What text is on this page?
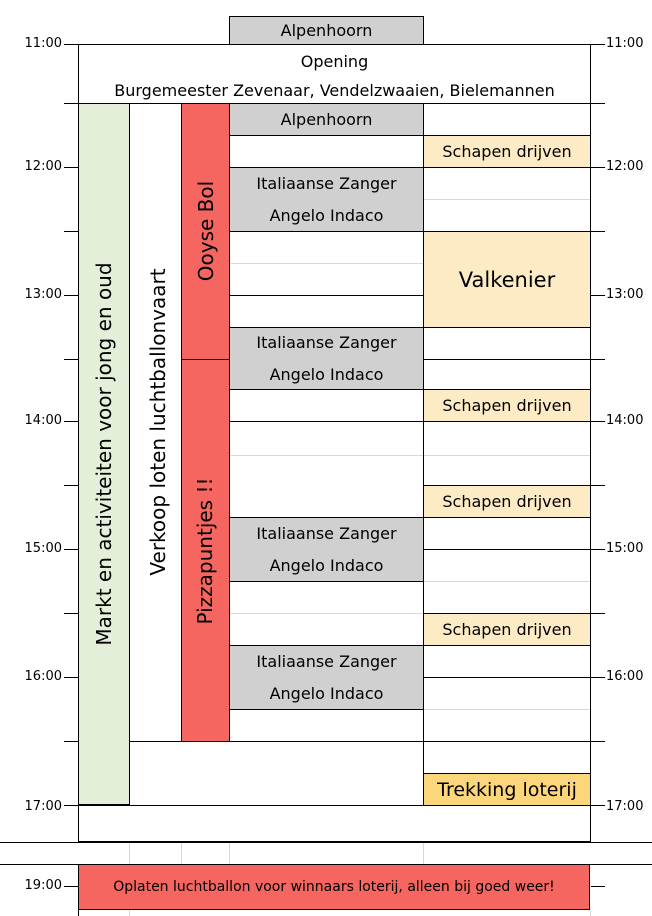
11:00	11:00
12:00	12:00
13:00	13:00
14:00	14:00
15:00	15:00
16:00	16:00
17:00	17:00
19:00
Alpenhoorn
Opening
Burgemeester Zevenaar, Vendelzwaaien, Bielemannen
Markt en activiteiten voor jong en oud Verkoop loten luchtballonvaart
Ooyse Bol
Pizzapuntjes !!
Alpenhoorn
Italiaanse Zanger
Angelo Indaco
Italiaanse Zanger
Angelo Indaco
Italiaanse Zanger
Angelo Indaco
Italiaanse Zanger
Angelo Indaco
Schapen drijven
Valkenier
Schapen drijven
Schapen drijven
Schapen drijven
Trekking loterij
Oplaten luchtballon voor winnaars loterij, alleen bij goed weer!
